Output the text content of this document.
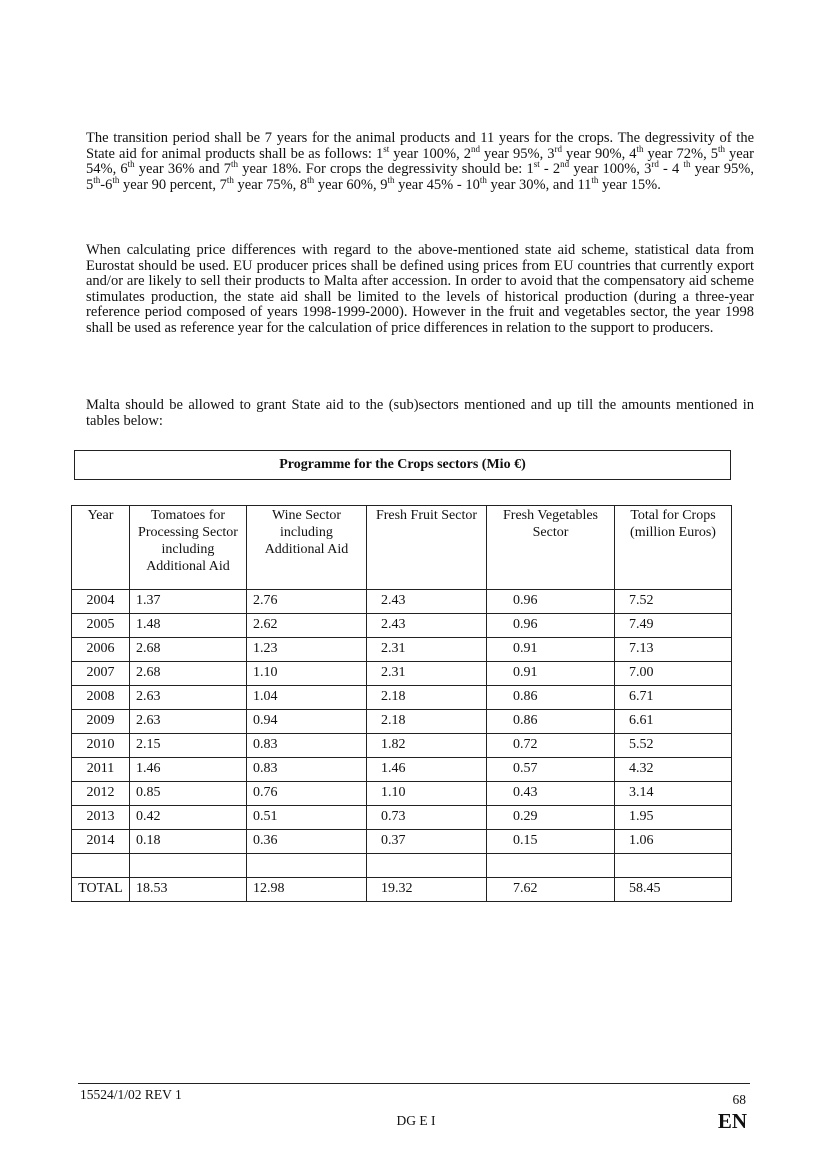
The transition period shall be 7 years for the animal products and 11 years for the crops. The degressivity of the State aid for animal products shall be as follows: 1st year 100%, 2nd year 95%, 3rd year 90%, 4th year 72%, 5th year 54%, 6th year 36% and 7th year 18%. For crops the degressivity should be: 1st - 2nd year 100%, 3rd - 4 $^{th}$ year 95%, 5th-6th year 90 percent, 7th year 75%, 8th year 60%, 9th year 45% - 10th year 30%, and 11th year 15%.
When calculating price differences with regard to the above-mentioned state aid scheme, statistical data from Eurostat should be used. EU producer prices shall be defined using prices from EU countries that currently export and/or are likely to sell their products to Malta after accession. In order to avoid that the compensatory aid scheme stimulates production, the state aid shall be limited to the levels of historical production (during a three-year reference period composed of years 1998-1999-2000). However in the fruit and vegetables sector, the year 1998 shall be used as reference year for the calculation of price differences in relation to the support to producers.
Malta should be allowed to grant State aid to the (sub)sectors mentioned and up till the amounts mentioned in tables below:
Programme for the Crops sectors (Mio €)
Year	Tomatoes for Processing Sector including Additional Aid	Wine Sector including Additional Aid	Fresh Fruit Sector	Fresh Vegetables Sector	Total for Crops (million Euros)
2004	1.37	2.76	2.43	0.96	7.52
2005	1.48	2.62	2.43	0.96	7.49
2006	2.68	1.23	2.31	0.91	7.13
2007	2.68	1.10	2.31	0.91	7.00
2008	2.63	1.04	2.18	0.86	6.71
2009	2.63	0.94	2.18	0.86	6.61
2010	2.15	0.83	1.82	0.72	5.52
2011	1.46	0.83	1.46	0.57	4.32
2012	0.85	0.76	1.10	0.43	3.14
2013	0.42	0.51	0.73	0.29	1.95
2014	0.18	0.36	0.37	0.15	1.06

TOTAL	18.53	12.98	19.32	7.62	58.45
15524/1/02 REV 1	68
DG E I	EN
